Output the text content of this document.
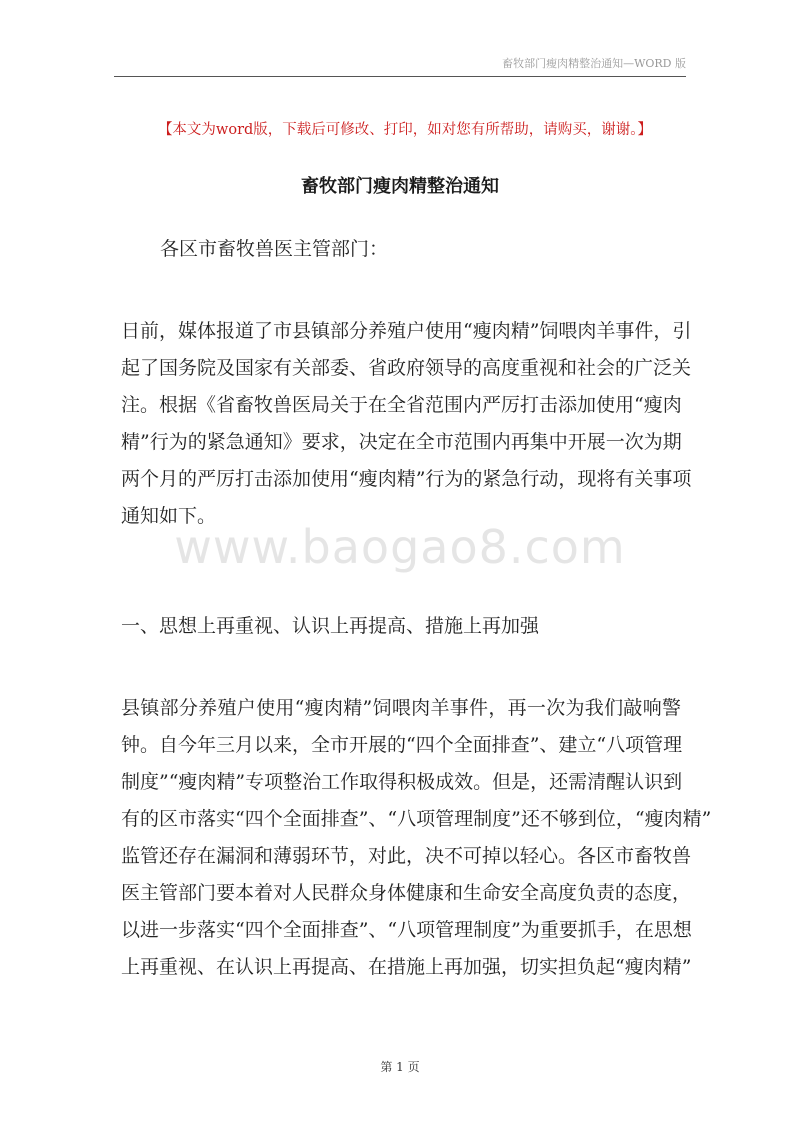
畜牧部门瘦肉精整治通知—WORD 版
【本文为word版，下载后可修改、打印，如对您有所帮助，请购买，谢谢。】
畜牧部门瘦肉精整治通知
各区市畜牧兽医主管部门：
日前，媒体报道了市县镇部分养殖户使用“瘦肉精”饲喂肉羊事件，引
起了国务院及国家有关部委、省政府领导的高度重视和社会的广泛关
注。根据《省畜牧兽医局关于在全省范围内严厉打击添加使用“瘦肉
精”行为的紧急通知》要求，决定在全市范围内再集中开展一次为期
两个月的严厉打击添加使用“瘦肉精”行为的紧急行动，现将有关事项
通知如下。
一、思想上再重视、认识上再提高、措施上再加强
县镇部分养殖户使用“瘦肉精”饲喂肉羊事件，再一次为我们敲响警
钟。自今年三月以来，全市开展的“四个全面排查”、建立“八项管理
制度”“瘦肉精”专项整治工作取得积极成效。但是，还需清醒认识到
有的区市落实“四个全面排查”、“八项管理制度”还不够到位，“瘦肉精”
监管还存在漏洞和薄弱环节，对此，决不可掉以轻心。各区市畜牧兽
医主管部门要本着对人民群众身体健康和生命安全高度负责的态度，
以进一步落实“四个全面排查”、“八项管理制度”为重要抓手，在思想
上再重视、在认识上再提高、在措施上再加强，切实担负起“瘦肉精”
www.baogao8.com
第 1 页
